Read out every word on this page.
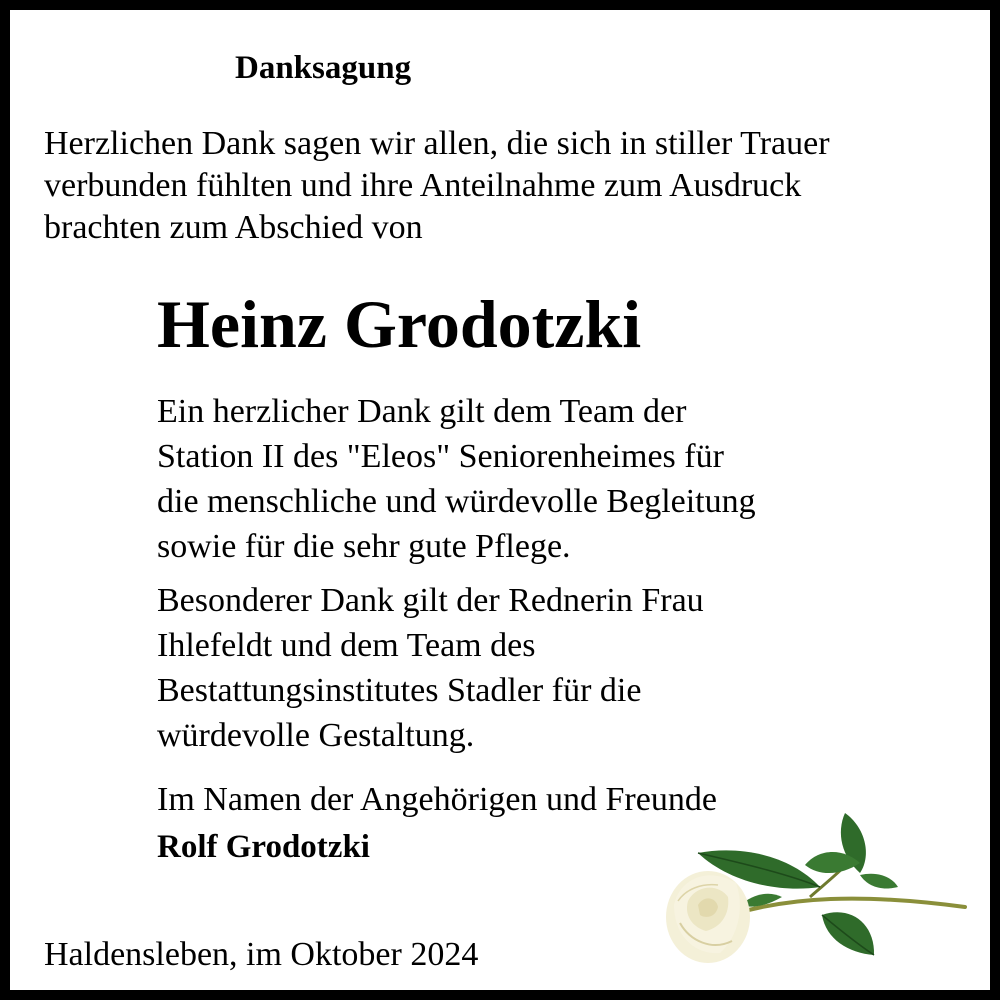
Danksagung
Herzlichen Dank sagen wir allen, die sich in stiller Trauer
verbunden fühlten und ihre Anteilnahme zum Ausdruck
brachten zum Abschied von
Heinz Grodotzki
Ein herzlicher Dank gilt dem Team der
Station II des "Eleos" Seniorenheimes für
die menschliche und würdevolle Begleitung
sowie für die sehr gute Pflege.
Besonderer Dank gilt der Rednerin Frau
Ihlefeldt und dem Team des
Bestattungsinstitutes Stadler für die
würdevolle Gestaltung.
Im Namen der Angehörigen und Freunde
Rolf Grodotzki
Haldensleben, im Oktober 2024
